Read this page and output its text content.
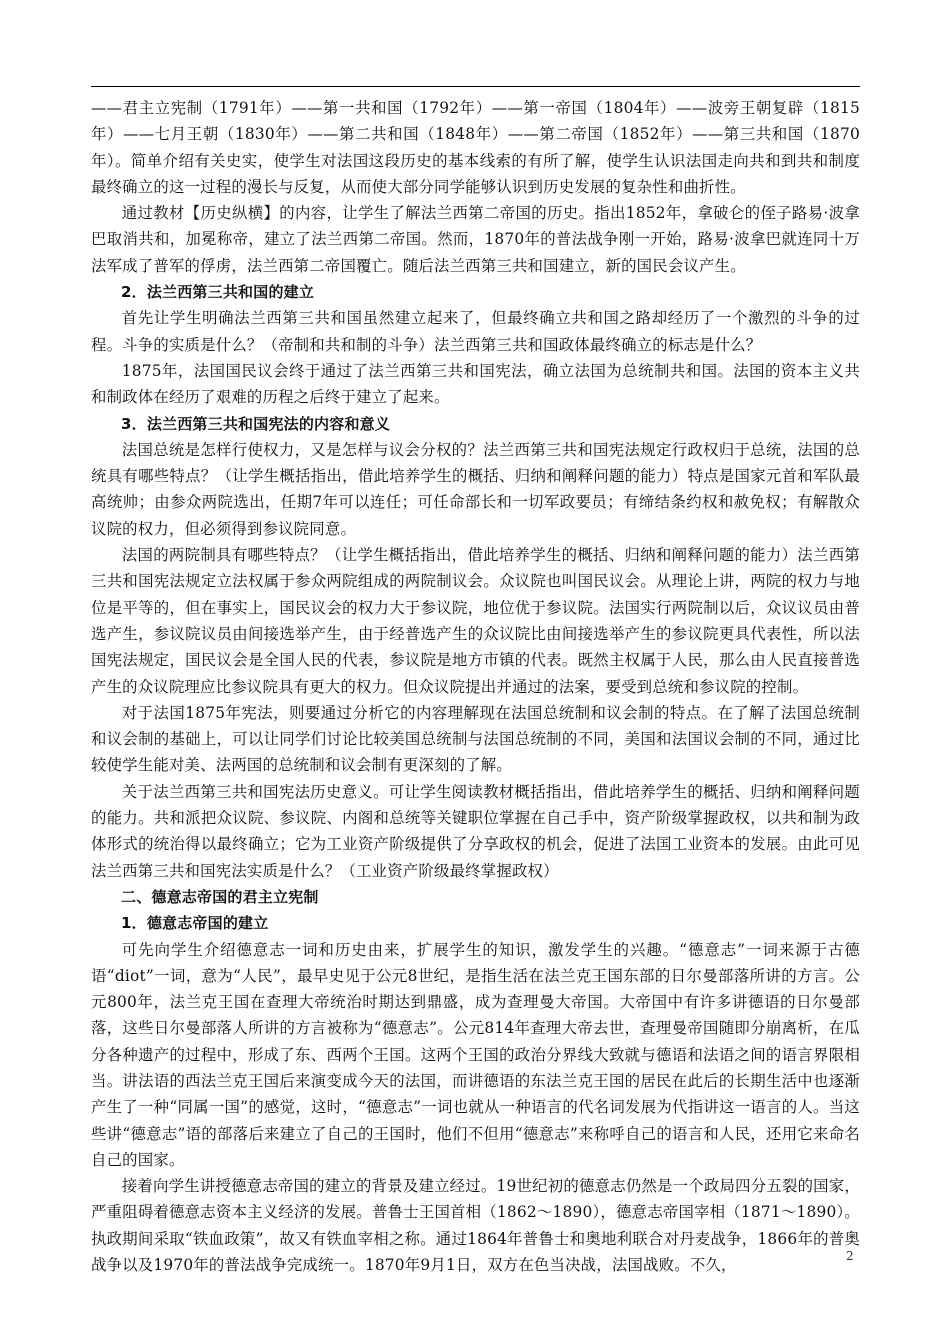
——君主立宪制（1791年）——第一共和国（1792年）——第一帝国（1804年）——波旁王朝复辟（1815年）——七月王朝（1830年）——第二共和国（1848年）——第二帝国（1852年）——第三共和国（1870年）。简单介绍有关史实，使学生对法国这段历史的基本线索的有所了解，使学生认识法国走向共和到共和制度最终确立的这一过程的漫长与反复，从而使大部分同学能够认识到历史发展的复杂性和曲折性。

通过教材【历史纵横】的内容，让学生了解法兰西第二帝国的历史。指出1852年，拿破仑的侄子路易·波拿巴取消共和，加冕称帝，建立了法兰西第二帝国。然而，1870年的普法战争刚一开始，路易·波拿巴就连同十万法军成了普军的俘虏，法兰西第二帝国覆亡。随后法兰西第三共和国建立，新的国民会议产生。

2．法兰西第三共和国的建立

首先让学生明确法兰西第三共和国虽然建立起来了，但最终确立共和国之路却经历了一个激烈的斗争的过程。斗争的实质是什么？（帝制和共和制的斗争）法兰西第三共和国政体最终确立的标志是什么？

1875年，法国国民议会终于通过了法兰西第三共和国宪法，确立法国为总统制共和国。法国的资本主义共和制政体在经历了艰难的历程之后终于建立了起来。

3．法兰西第三共和国宪法的内容和意义

法国总统是怎样行使权力，又是怎样与议会分权的？法兰西第三共和国宪法规定行政权归于总统，法国的总统具有哪些特点？（让学生概括指出，借此培养学生的概括、归纳和阐释问题的能力）特点是国家元首和军队最高统帅；由参众两院选出，任期7年可以连任；可任命部长和一切军政要员；有缔结条约权和赦免权；有解散众议院的权力，但必须得到参议院同意。

法国的两院制具有哪些特点？（让学生概括指出，借此培养学生的概括、归纳和阐释问题的能力）法兰西第三共和国宪法规定立法权属于参众两院组成的两院制议会。众议院也叫国民议会。从理论上讲，两院的权力与地位是平等的，但在事实上，国民议会的权力大于参议院，地位优于参议院。法国实行两院制以后，众议议员由普选产生，参议院议员由间接选举产生，由于经普选产生的众议院比由间接选举产生的参议院更具代表性，所以法国宪法规定，国民议会是全国人民的代表，参议院是地方市镇的代表。既然主权属于人民，那么由人民直接普选产生的众议院理应比参议院具有更大的权力。但众议院提出并通过的法案，要受到总统和参议院的控制。

对于法国1875年宪法，则要通过分析它的内容理解现在法国总统制和议会制的特点。在了解了法国总统制和议会制的基础上，可以让同学们讨论比较美国总统制与法国总统制的不同，美国和法国议会制的不同，通过比较使学生能对美、法两国的总统制和议会制有更深刻的了解。

关于法兰西第三共和国宪法历史意义。可让学生阅读教材概括指出，借此培养学生的概括、归纳和阐释问题的能力。共和派把众议院、参议院、内阁和总统等关键职位掌握在自己手中，资产阶级掌握政权，以共和制为政体形式的统治得以最终确立；它为工业资产阶级提供了分享政权的机会，促进了法国工业资本的发展。由此可见法兰西第三共和国宪法实质是什么？（工业资产阶级最终掌握政权）

二、德意志帝国的君主立宪制

1．德意志帝国的建立

可先向学生介绍德意志一词和历史由来，扩展学生的知识，激发学生的兴趣。“德意志”一词来源于古德语“diot”一词，意为“人民”，最早史见于公元8世纪，是指生活在法兰克王国东部的日尔曼部落所讲的方言。公元800年，法兰克王国在查理大帝统治时期达到鼎盛，成为查理曼大帝国。大帝国中有许多讲德语的日尔曼部落，这些日尔曼部落人所讲的方言被称为“德意志”。公元814年查理大帝去世，查理曼帝国随即分崩离析，在瓜分各种遗产的过程中，形成了东、西两个王国。这两个王国的政治分界线大致就与德语和法语之间的语言界限相当。讲法语的西法兰克王国后来演变成今天的法国，而讲德语的东法兰克王国的居民在此后的长期生活中也逐渐产生了一种“同属一国”的感觉，这时，“德意志”一词也就从一种语言的代名词发展为代指讲这一语言的人。当这些讲“德意志”语的部落后来建立了自己的王国时，他们不但用“德意志”来称呼自己的语言和人民，还用它来命名自己的国家。

接着向学生讲授德意志帝国的建立的背景及建立经过。19世纪初的德意志仍然是一个政局四分五裂的国家，严重阻碍着德意志资本主义经济的发展。普鲁士王国首相（1862～1890），德意志帝国宰相（1871～1890）。执政期间采取“铁血政策”，故又有铁血宰相之称。通过1864年普鲁士和奥地利联合对丹麦战争，1866年的普奥战争以及1970年的普法战争完成统一。1870年9月1日，双方在色当决战，法国战败。不久，

2
